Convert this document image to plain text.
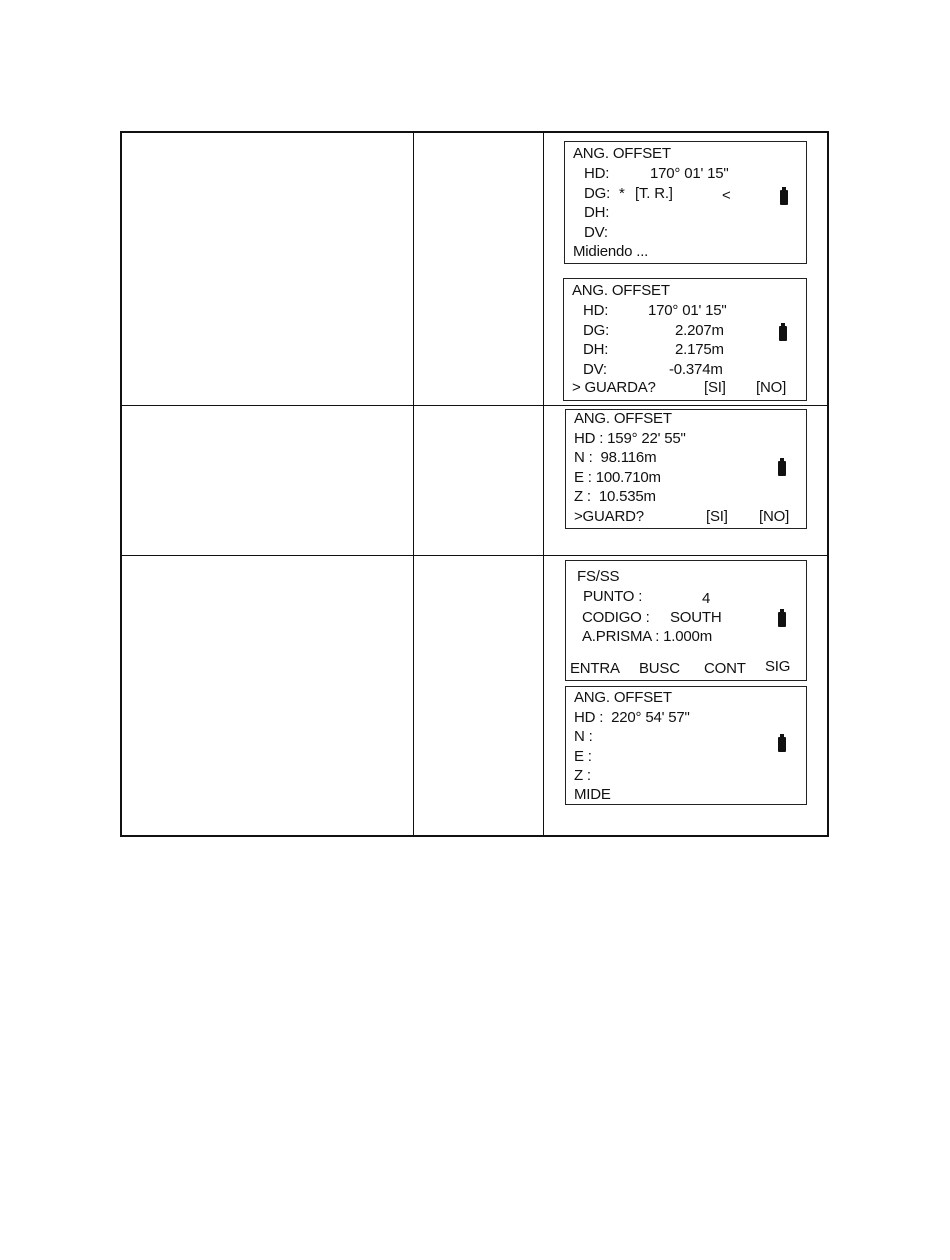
ANG. OFFSET
HD:	170° 01' 15"
DG: * [T. R.]	<
DH:
DV:
Midiendo ...
ANG. OFFSET
HD:	170° 01' 15"
DG:	2.207m
DH:	2.175m
DV:	-0.374m
> GUARDA?	[SI] [NO]
ANG. OFFSET
HD : 159° 22' 55"
N :  98.116m
E : 100.710m
Z :  10.535m
>GUARD?	[SI] [NO]
FS/SS
PUNTO :	4
CODIGO : SOUTH
A.PRISMA : 1.000m
ENTRA BUSC CONT SIG
ANG. OFFSET
HD :  220° 54' 57"
N :
E :
Z :
MIDE
